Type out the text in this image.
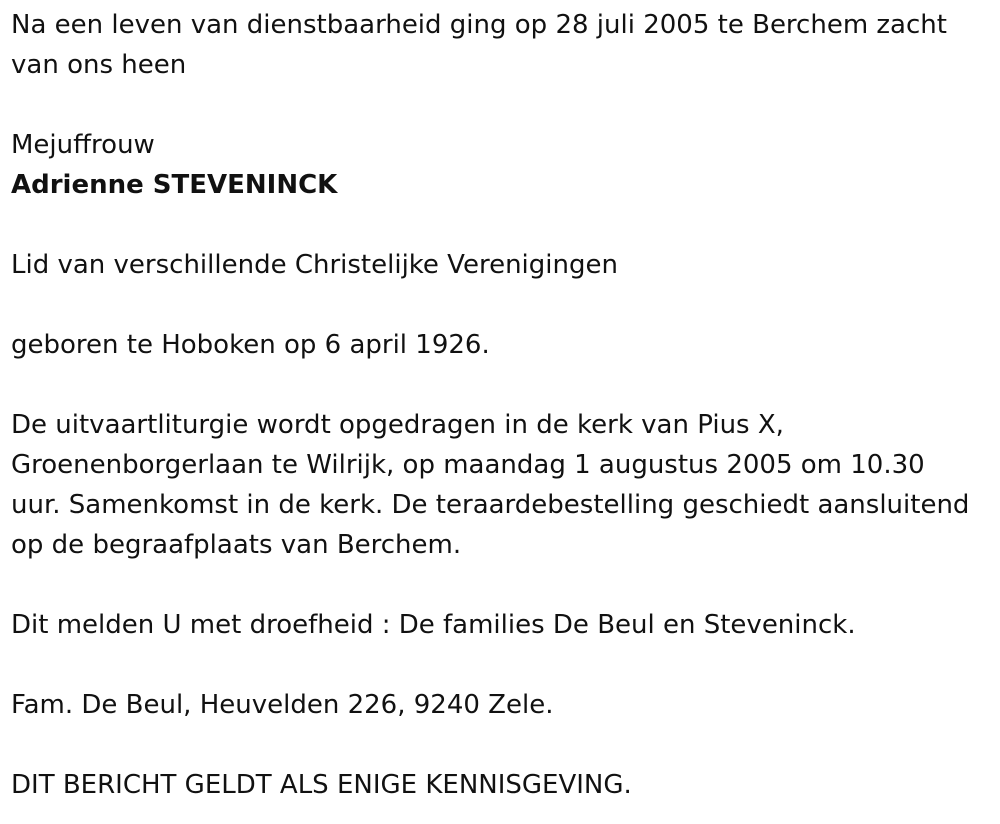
Na een leven van dienstbaarheid ging op 28 juli 2005 te Berchem zacht
van ons heen
Mejuffrouw
Adrienne STEVENINCK
Lid van verschillende Christelijke Verenigingen
geboren te Hoboken op 6 april 1926.
De uitvaartliturgie wordt opgedragen in de kerk van Pius X,
Groenenborgerlaan te Wilrijk, op maandag 1 augustus 2005 om 10.30
uur. Samenkomst in de kerk. De teraardebestelling geschiedt aansluitend
op de begraafplaats van Berchem.
Dit melden U met droefheid : De families De Beul en Steveninck.
Fam. De Beul, Heuvelden 226, 9240 Zele.
DIT BERICHT GELDT ALS ENIGE KENNISGEVING.
